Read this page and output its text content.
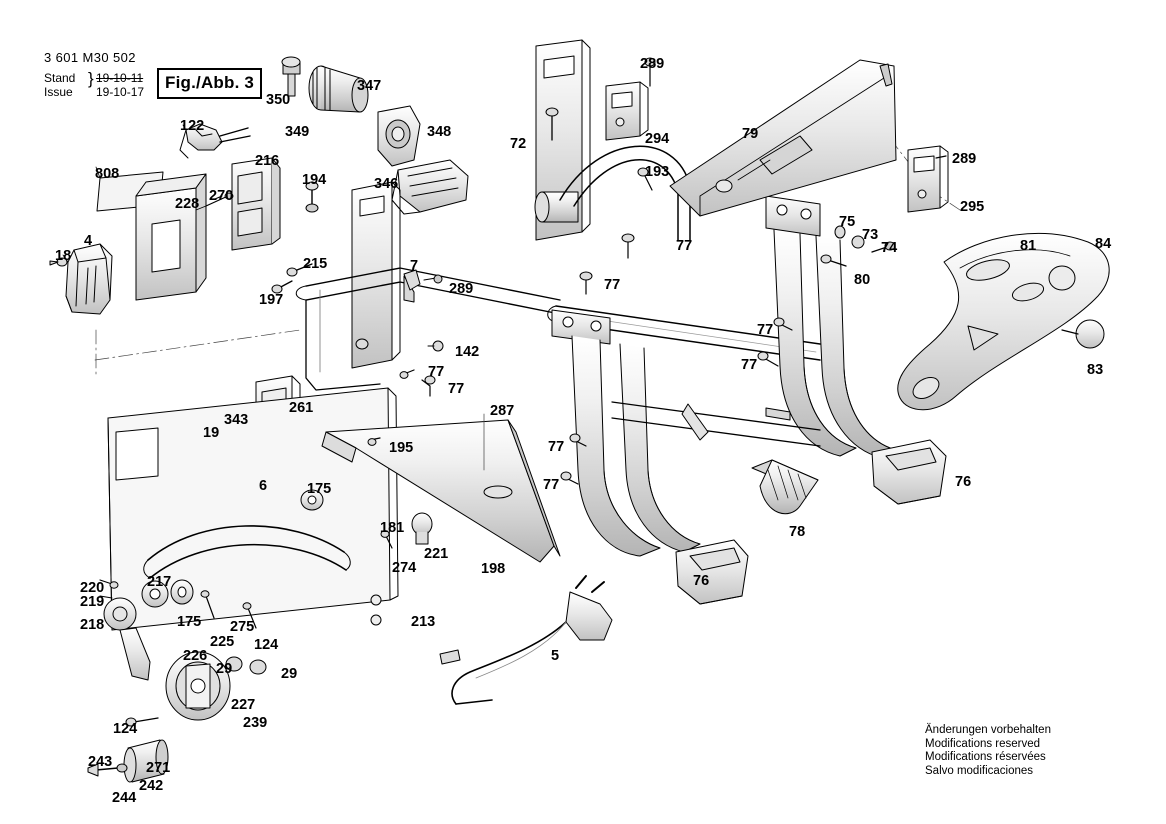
3 601 M30 502
Stand
Issue
} 19-10-11
19-10-17	Fig./Abb. 3
350
347
349	348
346
122
216
194
808
228 270
18
4
215
197
7
289
142
77
77
261
343
19
6
195
287
175
181
221
274	198
220
219
217
218	175 275
225 124
226
29	29
227
239
124
271
242
243
244
213
72
289
294
193
77
77
79
289
295
75
73
74
80
81	84
83
77
77
77
77
78
76
76
5
Änderungen vorbehalten
Modifications reserved
Modifications réservées
Salvo modificaciones
